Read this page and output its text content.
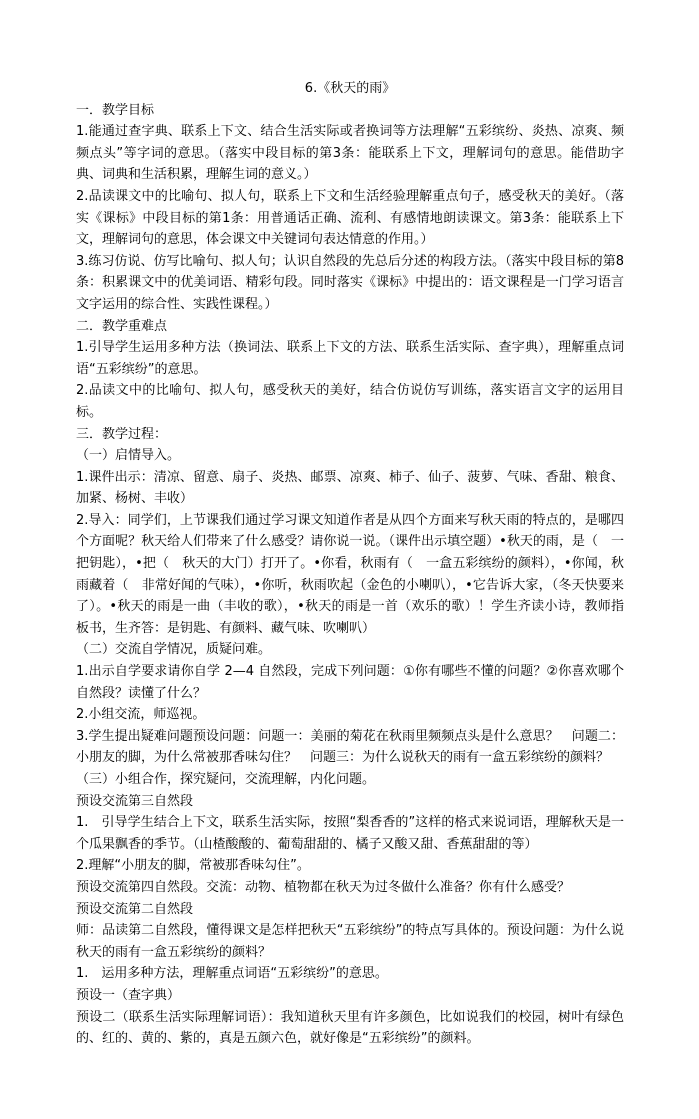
6.《秋天的雨》

一．教学目标

1.能通过查字典、联系上下文、结合生活实际或者换词等方法理解“五彩缤纷、炎热、凉爽、频频点头”等字词的意思。（落实中段目标的第3条：能联系上下文，理解词句的意思。能借助字典、词典和生活积累，理解生词的意义。）

2.品读课文中的比喻句、拟人句，联系上下文和生活经验理解重点句子，感受秋天的美好。（落实《课标》中段目标的第1条：用普通话正确、流利、有感情地朗读课文。第3条：能联系上下文，理解词句的意思，体会课文中关键词句表达情意的作用。）

3.练习仿说、仿写比喻句、拟人句；认识自然段的先总后分述的构段方法。（落实中段目标的第8条：积累课文中的优美词语、精彩句段。同时落实《课标》中提出的：语文课程是一门学习语言文字运用的综合性、实践性课程。）

二．教学重难点

1.引导学生运用多种方法（换词法、联系上下文的方法、联系生活实际、查字典），理解重点词语“五彩缤纷”的意思。

2.品读文中的比喻句、拟人句，感受秋天的美好，结合仿说仿写训练，落实语言文字的运用目标。

三．教学过程：

（一）启情导入。

1.课件出示：清凉、留意、扇子、炎热、邮票、凉爽、柿子、仙子、菠萝、气味、香甜、粮食、加紧、杨树、丰收）

2.导入：同学们，上节课我们通过学习课文知道作者是从四个方面来写秋天雨的特点的，是哪四个方面呢？秋天给人们带来了什么感受？请你说一说。（课件出示填空题）•秋天的雨，是（　一把钥匙），•把（　秋天的大门）打开了。•你看，秋雨有（　一盒五彩缤纷的颜料），•你闻，秋雨藏着（　非常好闻的气味），•你听，秋雨吹起（金色的小喇叭），•它告诉大家，（冬天快要来了）。•秋天的雨是一曲（丰收的歌），•秋天的雨是一首（欢乐的歌）！学生齐读小诗，教师指板书，生齐答：是钥匙、有颜料、藏气味、吹喇叭）

（二）交流自学情况，质疑问难。

1.出示自学要求请你自学 2—4 自然段，完成下列问题：①你有哪些不懂的问题？②你喜欢哪个自然段？读懂了什么？

2.小组交流，师巡视。

3.学生提出疑难问题预设问题：问题一：美丽的菊花在秋雨里频频点头是什么意思？　问题二：小朋友的脚，为什么常被那香味勾住？　问题三：为什么说秋天的雨有一盒五彩缤纷的颜料？

（三）小组合作，探究疑问，交流理解，内化问题。

预设交流第三自然段

1.　引导学生结合上下文，联系生活实际，按照“梨香香的”这样的格式来说词语，理解秋天是一个瓜果飘香的季节。（山楂酸酸的、葡萄甜甜的、橘子又酸又甜、香蕉甜甜的等）

2.理解“小朋友的脚，常被那香味勾住”。

预设交流第四自然段。交流：动物、植物都在秋天为过冬做什么准备？你有什么感受？

预设交流第二自然段

师：品读第二自然段，懂得课文是怎样把秋天“五彩缤纷”的特点写具体的。预设问题：为什么说秋天的雨有一盒五彩缤纷的颜料？

1.　运用多种方法，理解重点词语“五彩缤纷”的意思。

预设一（查字典）

预设二（联系生活实际理解词语）：我知道秋天里有许多颜色，比如说我们的校园，树叶有绿色的、红的、黄的、紫的，真是五颜六色，就好像是“五彩缤纷”的颜料。
